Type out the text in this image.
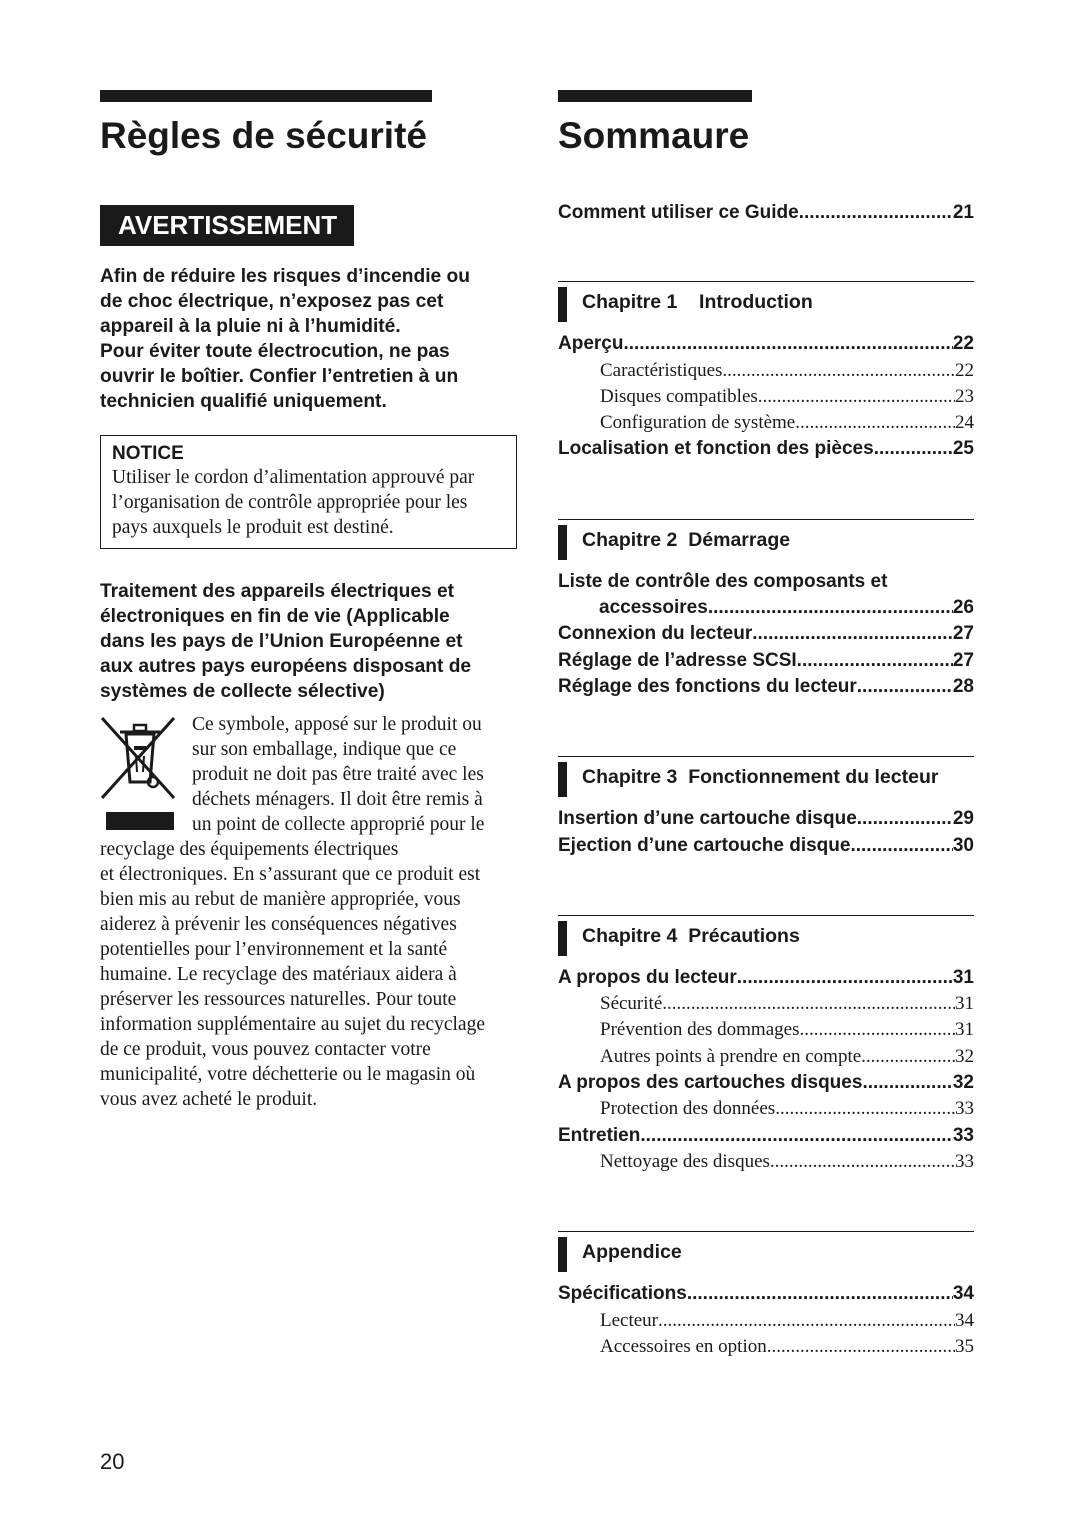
Règles de sécurité
AVERTISSEMENT
Afin de réduire les risques d’incendie ou
de choc électrique, n’exposez pas cet
appareil à la pluie ni à l’humidité.
Pour éviter toute électrocution, ne pas
ouvrir le boîtier. Confier l’entretien à un
technicien qualifié uniquement.
NOTICE
Utiliser le cordon d’alimentation approuvé par
l’organisation de contrôle appropriée pour les
pays auxquels le produit est destiné.
Traitement des appareils électriques et
électroniques en fin de vie (Applicable
dans les pays de l’Union Européenne et
aux autres pays européens disposant de
systèmes de collecte sélective)
Ce symbole, apposé sur le produit ou
sur son emballage, indique que ce
produit ne doit pas être traité avec les
déchets ménagers. Il doit être remis à
un point de collecte approprié pour le
recyclage des équipements électriques
et électroniques. En s’assurant que ce produit est
bien mis au rebut de manière appropriée, vous
aiderez à prévenir les conséquences négatives
potentielles pour l’environnement et la santé
humaine. Le recyclage des matériaux aidera à
préserver les ressources naturelles. Pour toute
information supplémentaire au sujet du recyclage
de ce produit, vous pouvez contacter votre
municipalité, votre déchetterie ou le magasin où
vous avez acheté le produit.
Sommaure
Comment utiliser ce Guide .....	21
Chapitre 1    Introduction
Aperçu .....	22
Caractéristiques .....	22
Disques compatibles .....	23
Configuration de système .....	24
Localisation et fonction des pièces .....	25
Chapitre 2  Démarrage
Liste de contrôle des composants et
accessoires .....	26
Connexion du lecteur .....	27
Réglage de l’adresse SCSI .....	27
Réglage des fonctions du lecteur .....	28
Chapitre 3  Fonctionnement du lecteur
Insertion d’une cartouche disque .....	29
Ejection d’une cartouche disque .....	30
Chapitre 4  Précautions
A propos du lecteur .....	31
Sécurité .....	31
Prévention des dommages .....	31
Autres points à prendre en compte .....	32
A propos des cartouches disques .....	32
Protection des données .....	33
Entretien .....	33
Nettoyage des disques .....	33
Appendice
Spécifications .....	34
Lecteur .....	34
Accessoires en option .....	35
20
